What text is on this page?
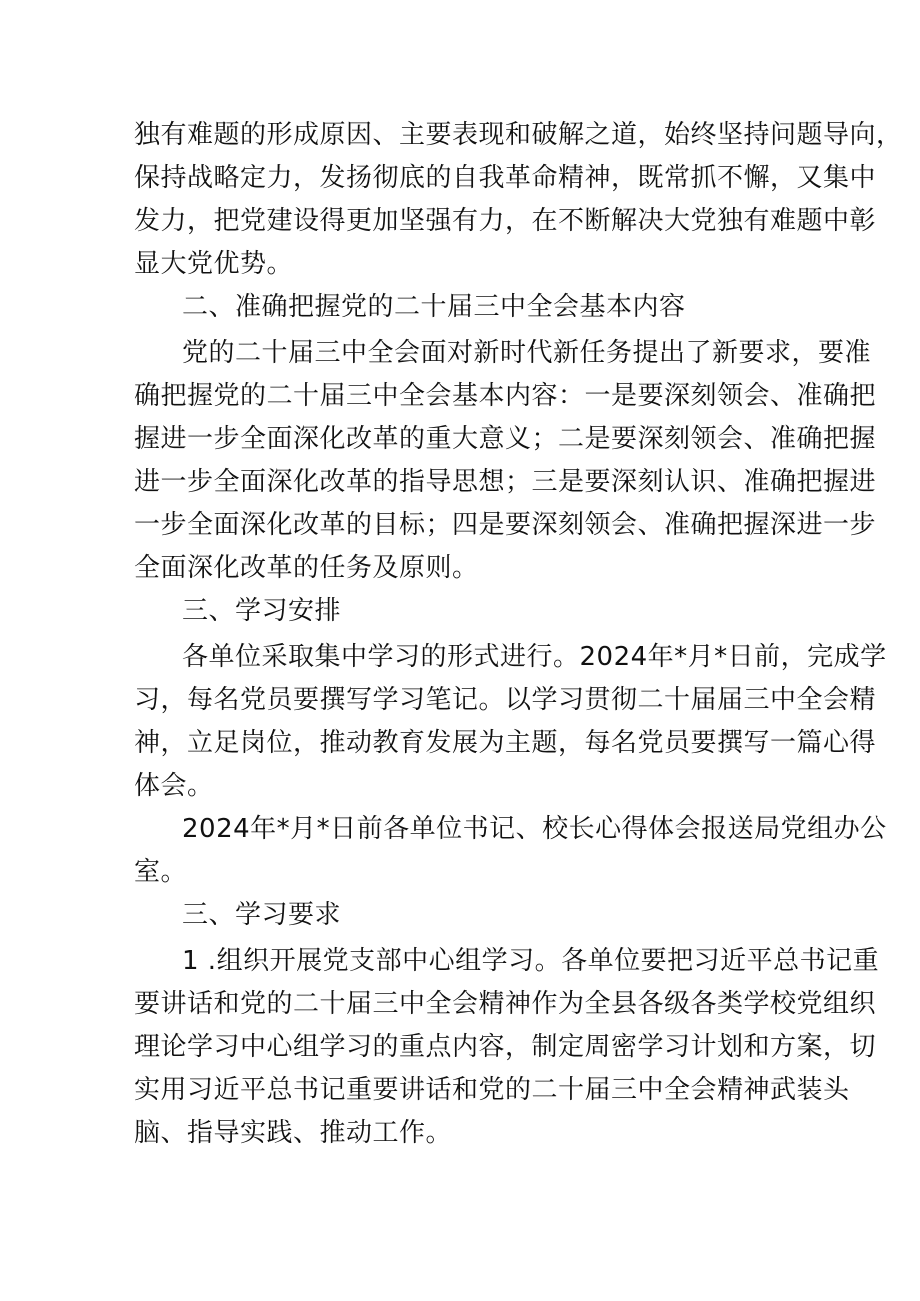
独有难题的形成原因、主要表现和破解之道，始终坚持问题导向，

保持战略定力，发扬彻底的自我革命精神，既常抓不懈，又集中

发力，把党建设得更加坚强有力，在不断解决大党独有难题中彰

显大党优势。

二、准确把握党的二十届三中全会基本内容

党的二十届三中全会面对新时代新任务提出了新要求，要准

确把握党的二十届三中全会基本内容：一是要深刻领会、准确把

握进一步全面深化改革的重大意义；二是要深刻领会、准确把握

进一步全面深化改革的指导思想；三是要深刻认识、准确把握进

一步全面深化改革的目标；四是要深刻领会、准确把握深进一步

全面深化改革的任务及原则。

三、学习安排

各单位采取集中学习的形式进行。2024年*月*日前，完成学

习，每名党员要撰写学习笔记。以学习贯彻二十届届三中全会精

神，立足岗位，推动教育发展为主题，每名党员要撰写一篇心得

体会。

2024年*月*日前各单位书记、校长心得体会报送局党组办公

室。

三、学习要求

1 .组织开展党支部中心组学习。各单位要把习近平总书记重

要讲话和党的二十届三中全会精神作为全县各级各类学校党组织

理论学习中心组学习的重点内容，制定周密学习计划和方案，切

实用习近平总书记重要讲话和党的二十届三中全会精神武装头

脑、指导实践、推动工作。
